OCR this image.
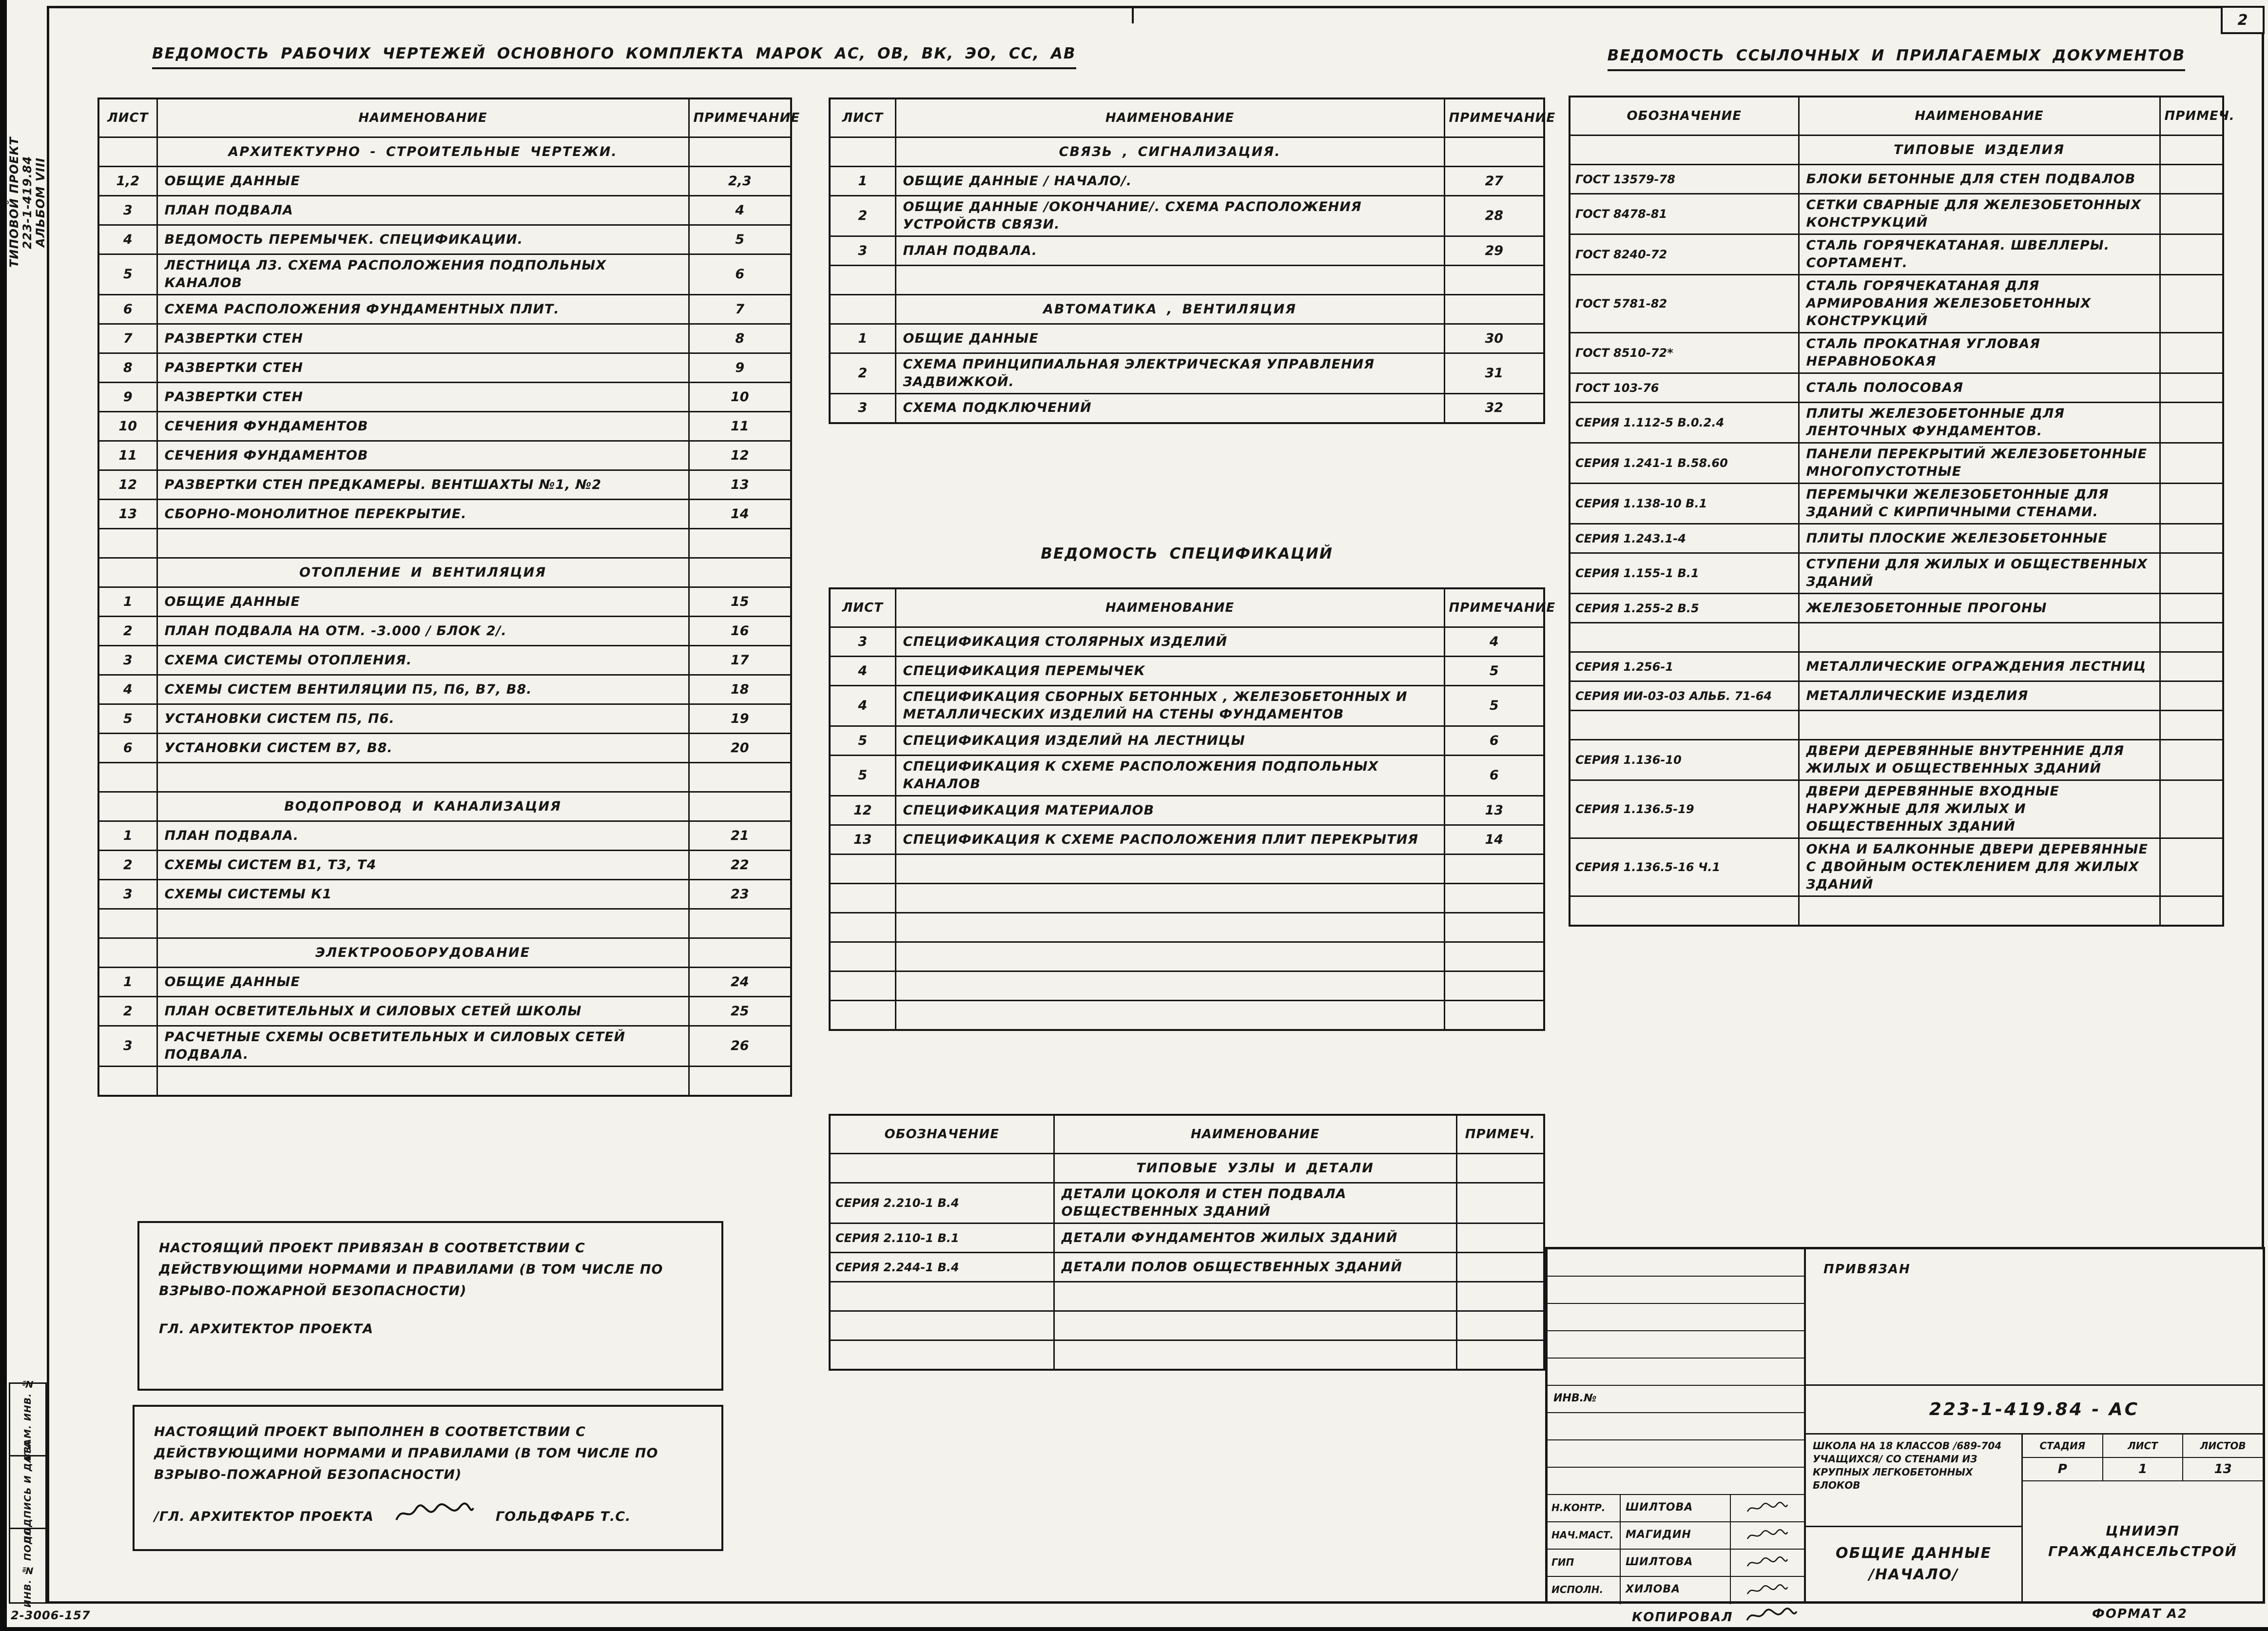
2
ТИПОВОЙ ПРОЕКТ
223-1-419.84
АЛЬБОМ VIII
ВЗАМ. ИНВ. №
ПОДПИСЬ И ДАТА
ИНВ. № ПОДЛ.
2-3006-157
ВЕДОМОСТЬ РАБОЧИХ ЧЕРТЕЖЕЙ ОСНОВНОГО КОМПЛЕКТА МАРОК АС, ОВ, ВК, ЭО, СС, АВ	ВЕДОМОСТЬ ССЫЛОЧНЫХ И ПРИЛАГАЕМЫХ ДОКУМЕНТОВ
ВЕДОМОСТЬ СПЕЦИФИКАЦИЙ
ЛИСТ	НАИМЕНОВАНИЕ	ПРИМЕЧАНИЕ
	АРХИТЕКТУРНО - СТРОИТЕЛЬНЫЕ ЧЕРТЕЖИ.	
1,2	ОБЩИЕ ДАННЫЕ	2,3
3	ПЛАН ПОДВАЛА	4
4	ВЕДОМОСТЬ ПЕРЕМЫЧЕК. СПЕЦИФИКАЦИИ.	5
5	ЛЕСТНИЦА Л3. СХЕМА РАСПОЛОЖЕНИЯ ПОДПОЛЬНЫХ КАНАЛОВ	6
6	СХЕМА РАСПОЛОЖЕНИЯ ФУНДАМЕНТНЫХ ПЛИТ.	7
7	РАЗВЕРТКИ СТЕН	8
8	РАЗВЕРТКИ СТЕН	9
9	РАЗВЕРТКИ СТЕН	10
10	СЕЧЕНИЯ ФУНДАМЕНТОВ	11
11	СЕЧЕНИЯ ФУНДАМЕНТОВ	12
12	РАЗВЕРТКИ СТЕН ПРЕДКАМЕРЫ. ВЕНТШАХТЫ №1, №2	13
13	СБОРНО-МОНОЛИТНОЕ ПЕРЕКРЫТИЕ.	14

	ОТОПЛЕНИЕ И ВЕНТИЛЯЦИЯ	
1	ОБЩИЕ ДАННЫЕ	15
2	ПЛАН ПОДВАЛА НА ОТМ. -3.000 / БЛОК 2/.	16
3	СХЕМА СИСТЕМЫ ОТОПЛЕНИЯ.	17
4	СХЕМЫ СИСТЕМ ВЕНТИЛЯЦИИ П5, П6, В7, В8.	18
5	УСТАНОВКИ СИСТЕМ П5, П6.	19
6	УСТАНОВКИ СИСТЕМ В7, В8.	20

	ВОДОПРОВОД И КАНАЛИЗАЦИЯ	
1	ПЛАН ПОДВАЛА.	21
2	СХЕМЫ СИСТЕМ В1, Т3, Т4	22
3	СХЕМЫ СИСТЕМЫ К1	23

	ЭЛЕКТРООБОРУДОВАНИЕ	
1	ОБЩИЕ ДАННЫЕ	24
2	ПЛАН ОСВЕТИТЕЛЬНЫХ И СИЛОВЫХ СЕТЕЙ ШКОЛЫ	25
3	РАСЧЕТНЫЕ СХЕМЫ ОСВЕТИТЕЛЬНЫХ И СИЛОВЫХ СЕТЕЙ ПОДВАЛА.	26

ЛИСТ	НАИМЕНОВАНИЕ	ПРИМЕЧАНИЕ
	СВЯЗЬ , СИГНАЛИЗАЦИЯ.	
1	ОБЩИЕ ДАННЫЕ / НАЧАЛО/.	27
2	ОБЩИЕ ДАННЫЕ /ОКОНЧАНИЕ/. СХЕМА РАСПОЛОЖЕНИЯ УСТРОЙСТВ СВЯЗИ.	28
3	ПЛАН ПОДВАЛА.	29

	АВТОМАТИКА , ВЕНТИЛЯЦИЯ	
1	ОБЩИЕ ДАННЫЕ	30
2	СХЕМА ПРИНЦИПИАЛЬНАЯ ЭЛЕКТРИЧЕСКАЯ УПРАВЛЕНИЯ ЗАДВИЖКОЙ.	31
3	СХЕМА ПОДКЛЮЧЕНИЙ	32
ЛИСТ	НАИМЕНОВАНИЕ	ПРИМЕЧАНИЕ
3	СПЕЦИФИКАЦИЯ СТОЛЯРНЫХ ИЗДЕЛИЙ	4
4	СПЕЦИФИКАЦИЯ ПЕРЕМЫЧЕК	5
4	СПЕЦИФИКАЦИЯ СБОРНЫХ БЕТОННЫХ , ЖЕЛЕЗОБЕТОННЫХ И МЕТАЛЛИЧЕСКИХ ИЗДЕЛИЙ НА СТЕНЫ ФУНДАМЕНТОВ	5
5	СПЕЦИФИКАЦИЯ ИЗДЕЛИЙ НА ЛЕСТНИЦЫ	6
5	СПЕЦИФИКАЦИЯ К СХЕМЕ РАСПОЛОЖЕНИЯ ПОДПОЛЬНЫХ КАНАЛОВ	6
12	СПЕЦИФИКАЦИЯ МАТЕРИАЛОВ	13
13	СПЕЦИФИКАЦИЯ К СХЕМЕ РАСПОЛОЖЕНИЯ ПЛИТ ПЕРЕКРЫТИЯ	14

ОБОЗНАЧЕНИЕ	НАИМЕНОВАНИЕ	ПРИМЕЧ.
	ТИПОВЫЕ УЗЛЫ И ДЕТАЛИ	
СЕРИЯ 2.210-1 В.4	ДЕТАЛИ ЦОКОЛЯ И СТЕН ПОДВАЛА ОБЩЕСТВЕННЫХ ЗДАНИЙ	
СЕРИЯ 2.110-1 В.1	ДЕТАЛИ ФУНДАМЕНТОВ ЖИЛЫХ ЗДАНИЙ	
СЕРИЯ 2.244-1 В.4	ДЕТАЛИ ПОЛОВ ОБЩЕСТВЕННЫХ ЗДАНИЙ	

ОБОЗНАЧЕНИЕ	НАИМЕНОВАНИЕ	ПРИМЕЧ.
	ТИПОВЫЕ ИЗДЕЛИЯ	
ГОСТ 13579-78	БЛОКИ БЕТОННЫЕ ДЛЯ СТЕН ПОДВАЛОВ	
ГОСТ 8478-81	СЕТКИ СВАРНЫЕ ДЛЯ ЖЕЛЕЗОБЕТОННЫХ КОНСТРУКЦИЙ	
ГОСТ 8240-72	СТАЛЬ ГОРЯЧЕКАТАНАЯ. ШВЕЛЛЕРЫ. СОРТАМЕНТ.	
ГОСТ 5781-82	СТАЛЬ ГОРЯЧЕКАТАНАЯ ДЛЯ АРМИРОВАНИЯ ЖЕЛЕЗОБЕТОННЫХ КОНСТРУКЦИЙ	
ГОСТ 8510-72*	СТАЛЬ ПРОКАТНАЯ УГЛОВАЯ НЕРАВНОБОКАЯ	
ГОСТ 103-76	СТАЛЬ ПОЛОСОВАЯ	
СЕРИЯ 1.112-5 В.0.2.4	ПЛИТЫ ЖЕЛЕЗОБЕТОННЫЕ ДЛЯ ЛЕНТОЧНЫХ ФУНДАМЕНТОВ.	
СЕРИЯ 1.241-1 В.58.60	ПАНЕЛИ ПЕРЕКРЫТИЙ ЖЕЛЕЗОБЕТОННЫЕ МНОГОПУСТОТНЫЕ	
СЕРИЯ 1.138-10 В.1	ПЕРЕМЫЧКИ ЖЕЛЕЗОБЕТОННЫЕ ДЛЯ ЗДАНИЙ С КИРПИЧНЫМИ СТЕНАМИ.	
СЕРИЯ 1.243.1-4	ПЛИТЫ ПЛОСКИЕ ЖЕЛЕЗОБЕТОННЫЕ	
СЕРИЯ 1.155-1 В.1	СТУПЕНИ ДЛЯ ЖИЛЫХ И ОБЩЕСТВЕННЫХ ЗДАНИЙ	
СЕРИЯ 1.255-2 В.5	ЖЕЛЕЗОБЕТОННЫЕ ПРОГОНЫ	

СЕРИЯ 1.256-1	МЕТАЛЛИЧЕСКИЕ ОГРАЖДЕНИЯ ЛЕСТНИЦ	
СЕРИЯ ИИ-03-03 АЛЬБ. 71-64	МЕТАЛЛИЧЕСКИЕ ИЗДЕЛИЯ	

СЕРИЯ 1.136-10	ДВЕРИ ДЕРЕВЯННЫЕ ВНУТРЕННИЕ ДЛЯ ЖИЛЫХ И ОБЩЕСТВЕННЫХ ЗДАНИЙ	
СЕРИЯ 1.136.5-19	ДВЕРИ ДЕРЕВЯННЫЕ ВХОДНЫЕ НАРУЖНЫЕ ДЛЯ ЖИЛЫХ И ОБЩЕСТВЕННЫХ ЗДАНИЙ	
СЕРИЯ 1.136.5-16 Ч.1	ОКНА И БАЛКОННЫЕ ДВЕРИ ДЕРЕВЯННЫЕ С ДВОЙНЫМ ОСТЕКЛЕНИЕМ ДЛЯ ЖИЛЫХ ЗДАНИЙ	

НАСТОЯЩИЙ ПРОЕКТ ПРИВЯЗАН В СООТВЕТСТВИИ С ДЕЙСТВУЮЩИМИ НОРМАМИ И ПРАВИЛАМИ (В ТОМ ЧИСЛЕ ПО ВЗРЫВО-ПОЖАРНОЙ БЕЗОПАСНОСТИ)
ГЛ. АРХИТЕКТОР ПРОЕКТА
НАСТОЯЩИЙ ПРОЕКТ ВЫПОЛНЕН В СООТВЕТСТВИИ С ДЕЙСТВУЮЩИМИ НОРМАМИ И ПРАВИЛАМИ (В ТОМ ЧИСЛЕ ПО ВЗРЫВО-ПОЖАРНОЙ БЕЗОПАСНОСТИ)
/ГЛ. АРХИТЕКТОР ПРОЕКТА	ГОЛЬДФАРБ Т.С.
ИНВ.№
Н.КОНТР.	ШИЛТОВА
НАЧ.МАСТ.	МАГИДИН
ГИП	ШИЛТОВА
ИСПОЛН.	ХИЛОВА
ПРИВЯЗАН
223-1-419.84 - АС
ШКОЛА НА 18 КЛАССОВ /689-704 УЧАЩИХСЯ/ СО СТЕНАМИ ИЗ КРУПНЫХ ЛЕГКОБЕТОННЫХ БЛОКОВ
ОБЩИЕ ДАННЫЕ
/НАЧАЛО/
СТАДИЯ	ЛИСТ	ЛИСТОВ
Р	1	13
ЦНИИЭП
ГРАЖДАНСЕЛЬСТРОЙ
КОПИРОВАЛ	ФОРМАТ А2
